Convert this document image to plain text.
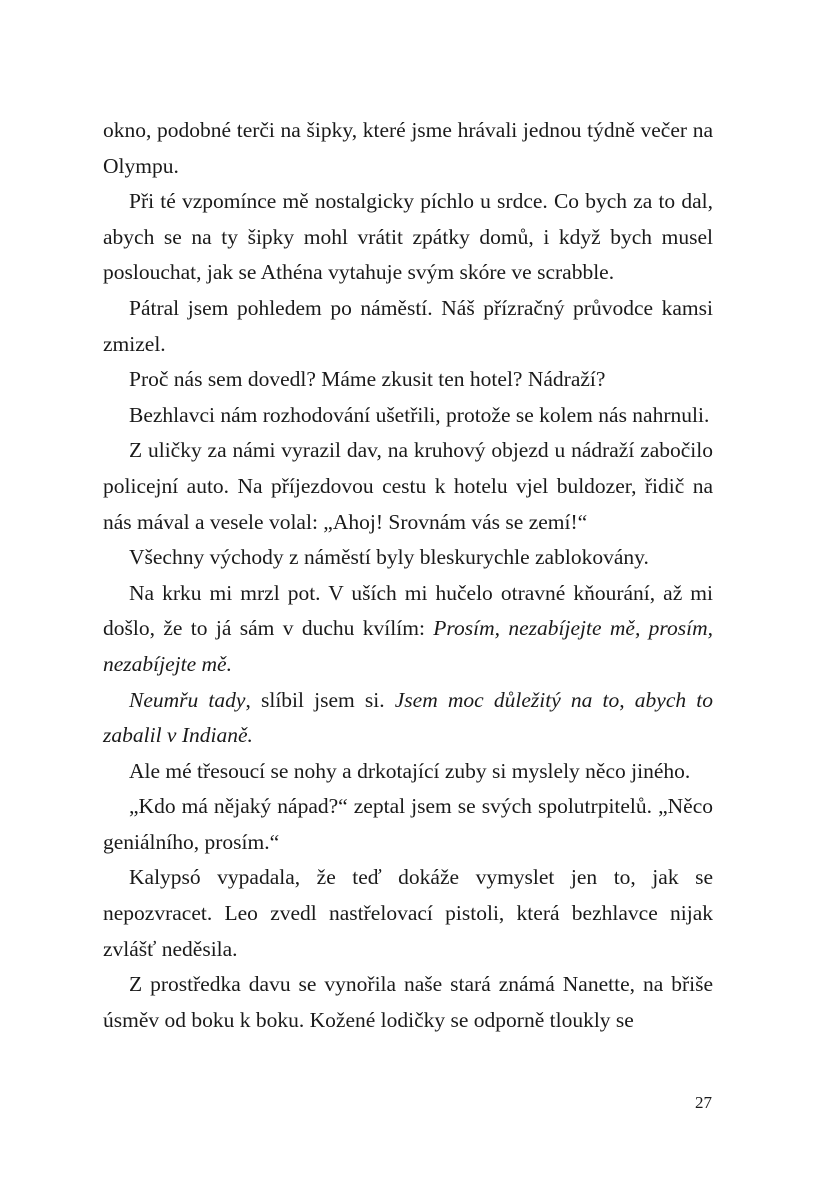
okno, podobné terči na šipky, které jsme hrávali jednou týdně večer na Olympu.

Při té vzpomínce mě nostalgicky píchlo u srdce. Co bych za to dal, abych se na ty šipky mohl vrátit zpátky domů, i když bych musel poslouchat, jak se Athéna vytahuje svým skóre ve scrabble.

Pátral jsem pohledem po náměstí. Náš přízračný průvodce kamsi zmizel.

Proč nás sem dovedl? Máme zkusit ten hotel? Nádraží?

Bezhlavci nám rozhodování ušetřili, protože se kolem nás nahrnuli.

Z uličky za námi vyrazil dav, na kruhový objezd u nádraží zabočilo policejní auto. Na příjezdovou cestu k hotelu vjel buldozer, řidič na nás mával a vesele volal: „Ahoj! Srovnám vás se zemí!“

Všechny východy z náměstí byly bleskurychle zablokovány.

Na krku mi mrzl pot. V uších mi hučelo otravné kňourání, až mi došlo, že to já sám v duchu kvílím: Prosím, nezabíjejte mě, prosím, nezabíjejte mě.

Neumřu tady, slíbil jsem si. Jsem moc důležitý na to, abych to zabalil v Indianě.

Ale mé třesoucí se nohy a drkotající zuby si myslely něco jiného.

„Kdo má nějaký nápad?“ zeptal jsem se svých spolutrpitelů. „Něco geniálního, prosím.“

Kalypsó vypadala, že teď dokáže vymyslet jen to, jak se nepozvracet. Leo zvedl nastřelovací pistoli, která bezhlavce nijak zvlášť neděsila.

Z prostředka davu se vynořila naše stará známá Nanette, na břiše úsměv od boku k boku. Kožené lodičky se odporně tloukly se

27
